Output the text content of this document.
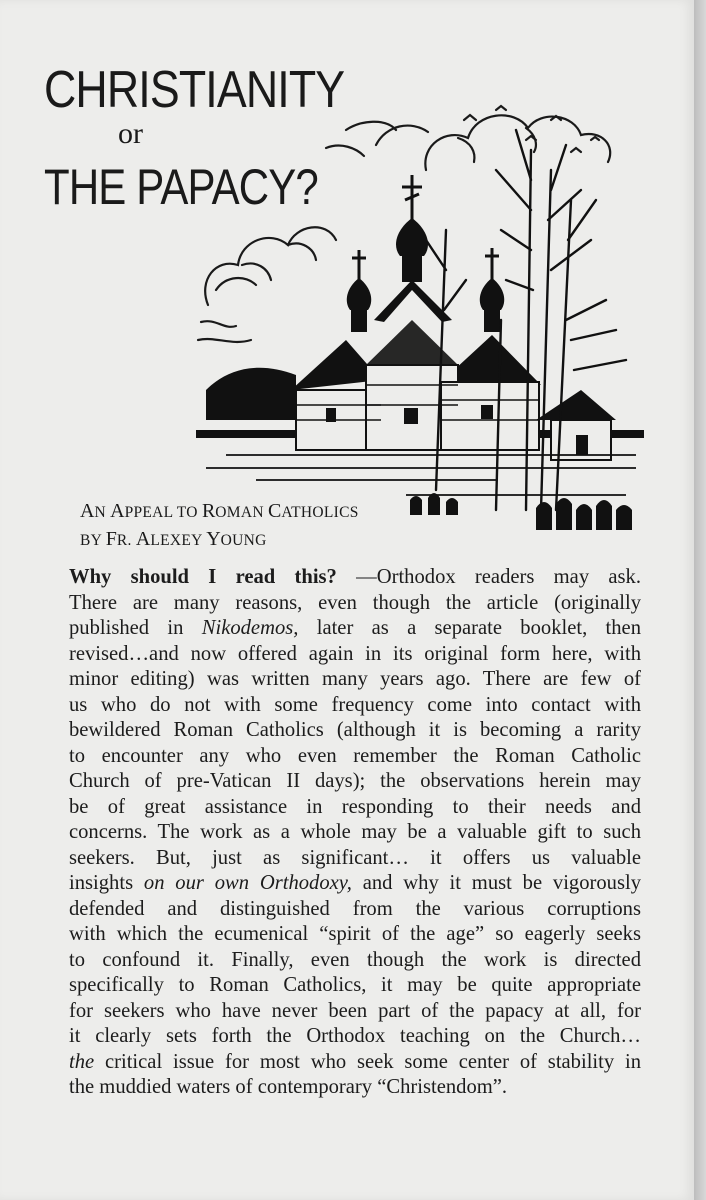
CHRISTIANITY
or
THE PAPACY?
AN APPEAL TO ROMAN CATHOLICS
BY FR. ALEXEY YOUNG
Why should I read this? —Orthodox readers may ask.
There are many reasons, even though the article (originally
published in Nikodemos, later as a separate booklet, then
revised…and now offered again in its original form here, with
minor editing) was written many years ago. There are few of
us who do not with some frequency come into contact with
bewildered Roman Catholics (although it is becoming a rarity
to encounter any who even remember the Roman Catholic
Church of pre-Vatican II days); the observations herein may
be of great assistance in responding to their needs and
concerns. The work as a whole may be a valuable gift to such
seekers. But, just as significant… it offers us valuable
insights on our own Orthodoxy, and why it must be vigorously
defended and distinguished from the various corruptions
with which the ecumenical “spirit of the age” so eagerly seeks
to confound it. Finally, even though the work is directed
specifically to Roman Catholics, it may be quite appropriate
for seekers who have never been part of the papacy at all, for
it clearly sets forth the Orthodox teaching on the Church…
the critical issue for most who seek some center of stability in
the muddied waters of contemporary “Christendom”.
